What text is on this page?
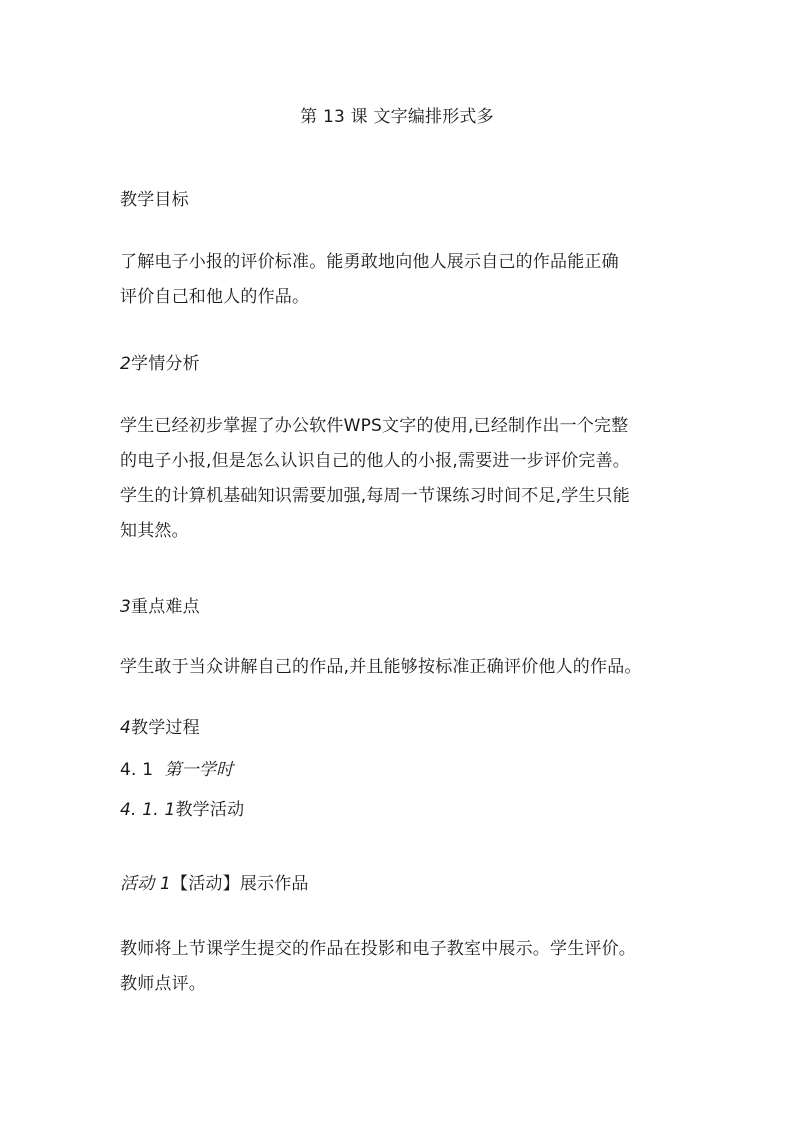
第 13 课 文字编排形式多
教学目标
了解电子小报的评价标准。能勇敢地向他人展示自己的作品能正确
评价自己和他人的作品。
2学情分析
学生已经初步掌握了办公软件WPS文字的使用,已经制作出一个完整
的电子小报,但是怎么认识自己的他人的小报,需要进一步评价完善。
学生的计算机基础知识需要加强,每周一节课练习时间不足,学生只能
知其然。
3重点难点
学生敢于当众讲解自己的作品,并且能够按标准正确评价他人的作品。
4教学过程
4. 1 第一学时
4. 1. 1教学活动
活动 1【活动】展示作品
教师将上节课学生提交的作品在投影和电子教室中展示。学生评价。
教师点评。
